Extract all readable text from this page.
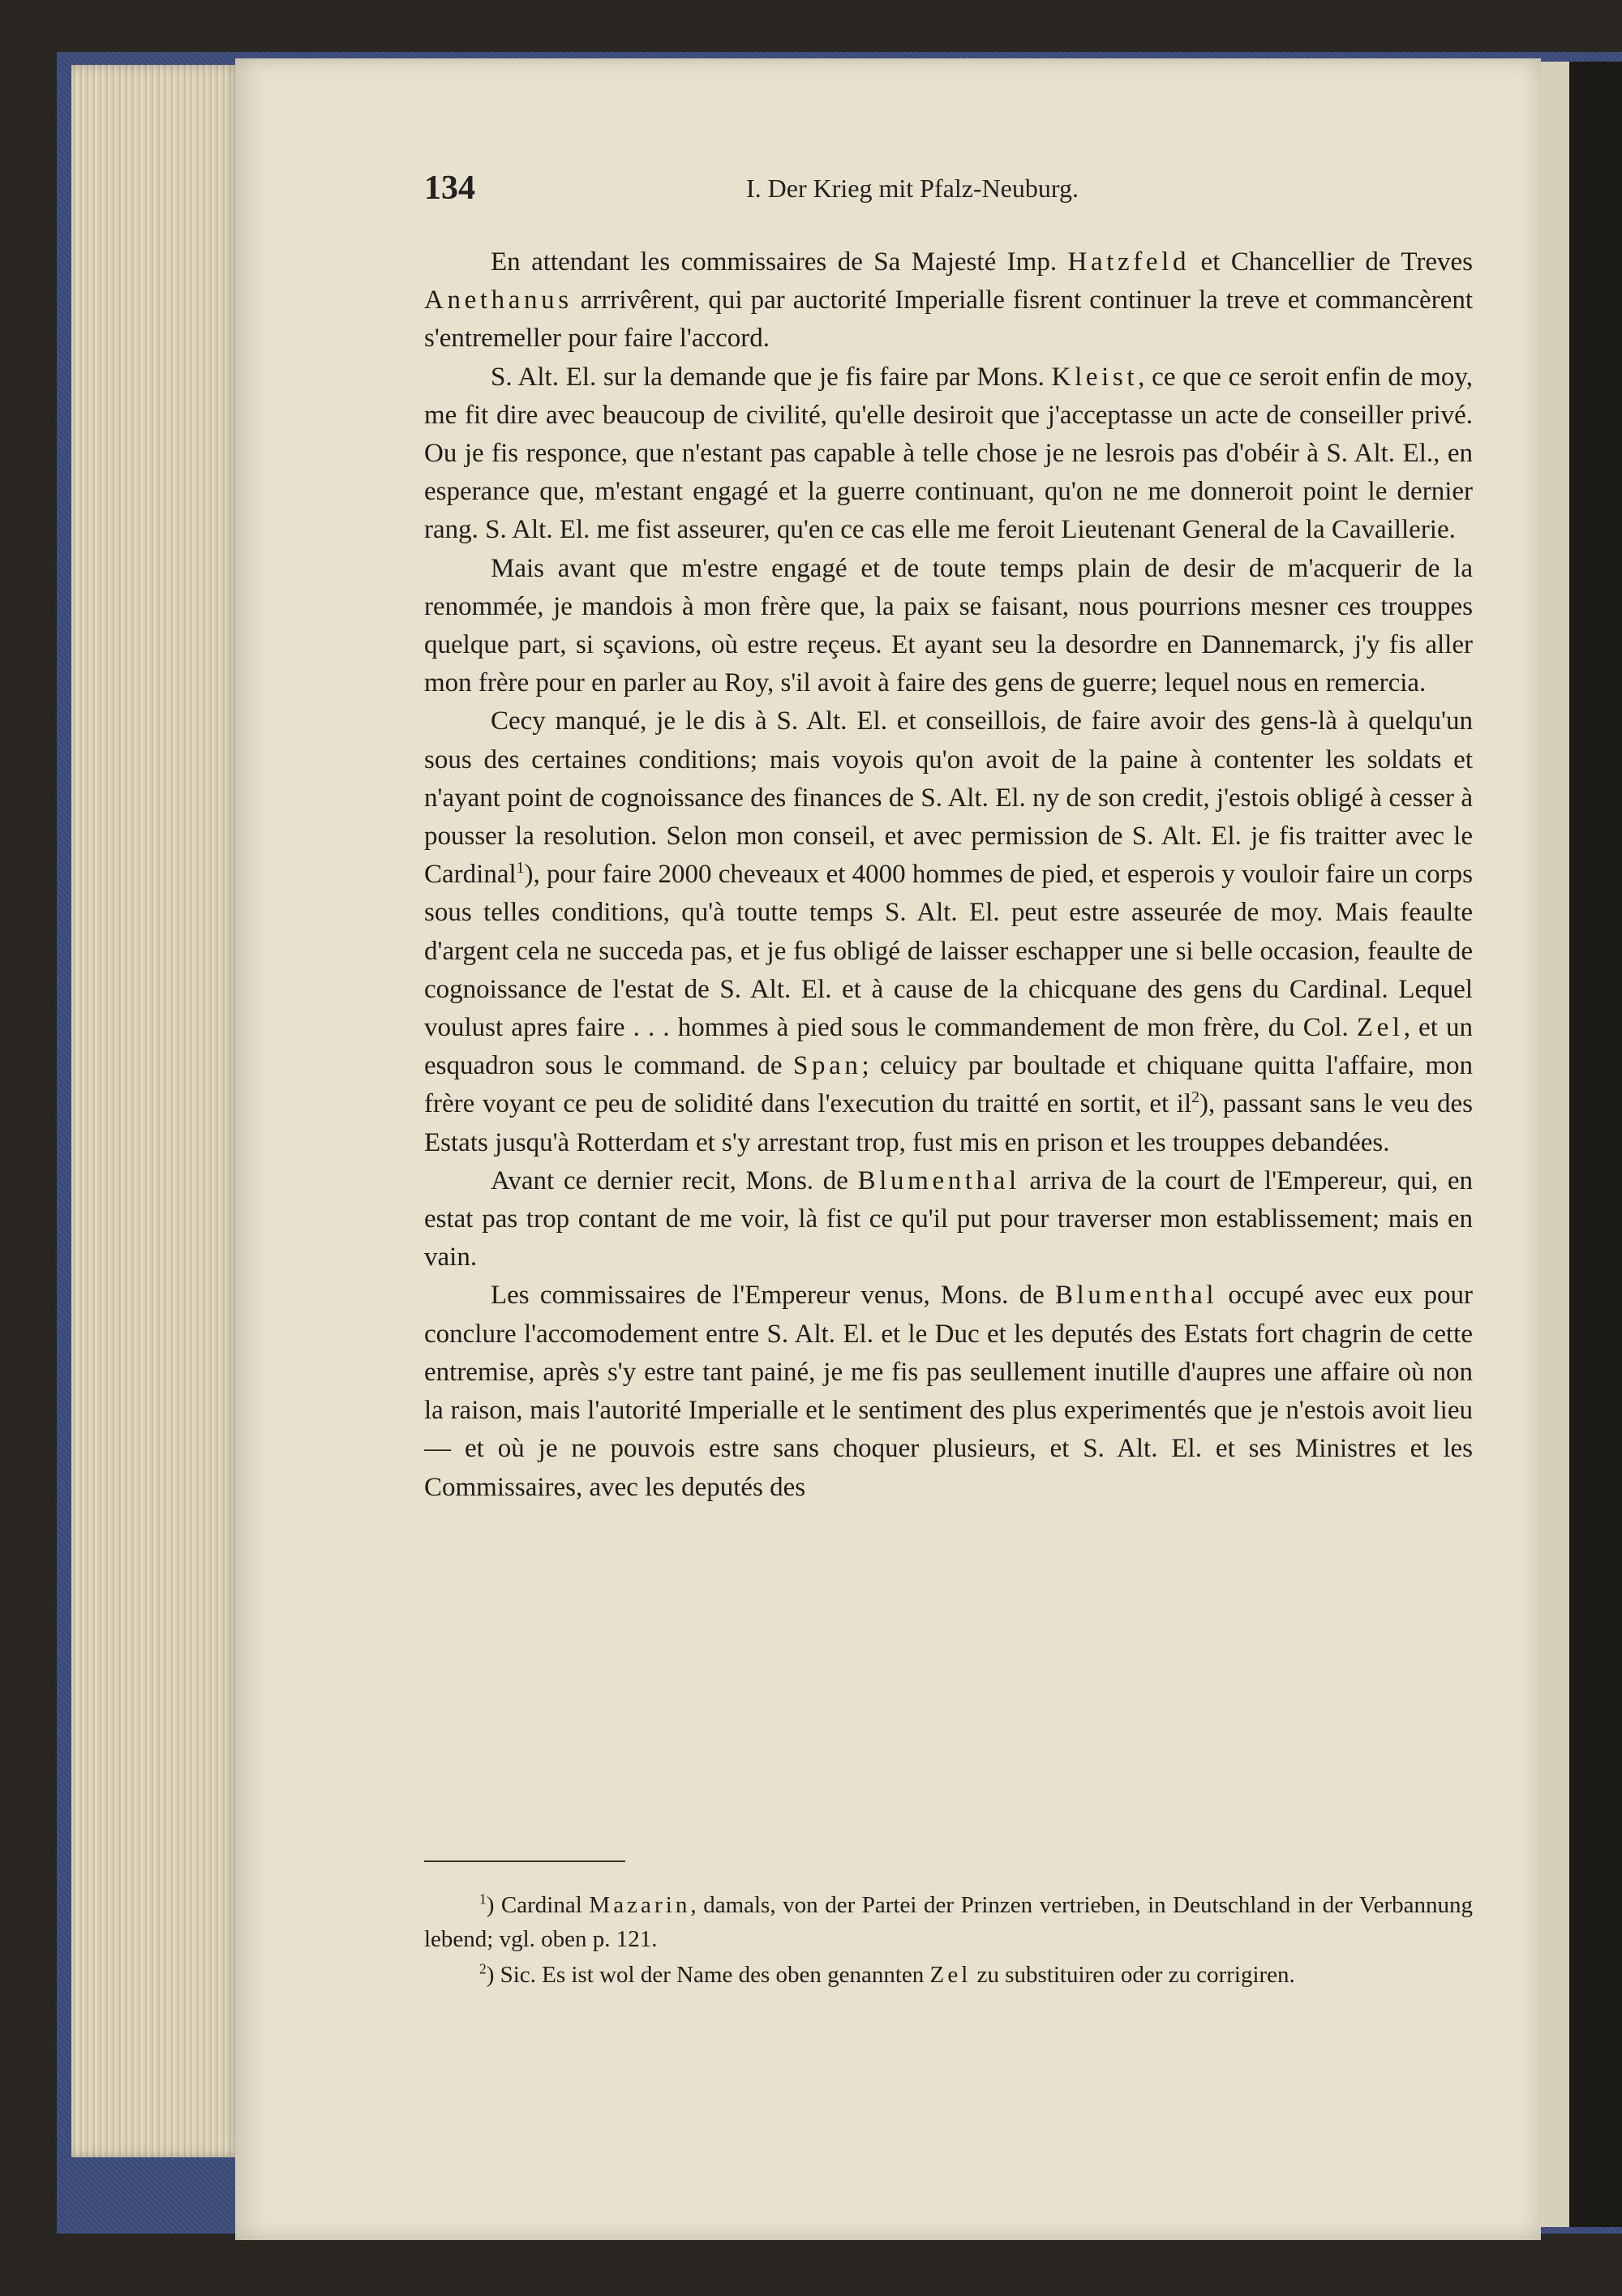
134	I. Der Krieg mit Pfalz-Neuburg.

En attendant les commissaires de Sa Majesté Imp. Hatzfeld et Chancellier de Treves Anethanus arrrivêrent, qui par auctorité Imperialle fisrent continuer la treve et commancèrent s'entremeller pour faire l'accord.

S. Alt. El. sur la demande que je fis faire par Mons. Kleist, ce que ce seroit enfin de moy, me fit dire avec beaucoup de civilité, qu'elle desiroit que j'acceptasse un acte de conseiller privé. Ou je fis responce, que n'estant pas capable à telle chose je ne lesrois pas d'obéir à S. Alt. El., en esperance que, m'estant engagé et la guerre continuant, qu'on ne me donneroit point le dernier rang. S. Alt. El. me fist asseurer, qu'en ce cas elle me feroit Lieutenant General de la Cavaillerie.

Mais avant que m'estre engagé et de toute temps plain de desir de m'acquerir de la renommée, je mandois à mon frère que, la paix se faisant, nous pourrions mesner ces trouppes quelque part, si sçavions, où estre reçeus. Et ayant seu la desordre en Dannemarck, j'y fis aller mon frère pour en parler au Roy, s'il avoit à faire des gens de guerre; lequel nous en remercia.

Cecy manqué, je le dis à S. Alt. El. et conseillois, de faire avoir des gens-là à quelqu'un sous des certaines conditions; mais voyois qu'on avoit de la paine à contenter les soldats et n'ayant point de cognoissance des finances de S. Alt. El. ny de son credit, j'estois obligé à cesser à pousser la resolution. Selon mon conseil, et avec permission de S. Alt. El. je fis traitter avec le Cardinal$^1$), pour faire 2000 cheveaux et 4000 hommes de pied, et esperois y vouloir faire un corps sous telles conditions, qu'à toutte temps S. Alt. El. peut estre asseurée de moy. Mais feaulte d'argent cela ne succeda pas, et je fus obligé de laisser eschapper une si belle occasion, feaulte de cognoissance de l'estat de S. Alt. El. et à cause de la chicquane des gens du Cardinal. Lequel voulust apres faire . . . hommes à pied sous le commandement de mon frère, du Col. Zel, et un esquadron sous le command. de Span; celuicy par boultade et chiquane quitta l'affaire, mon frère voyant ce peu de solidité dans l'execution du traitté en sortit, et $il^2$), passant sans le veu des Estats jusqu'à Rotterdam et s'y arrestant trop, fust mis en prison et les trouppes debandées.

Avant ce dernier recit, Mons. de Blumenthal arriva de la court de l'Empereur, qui, en estat pas trop contant de me voir, là fist ce qu'il put pour traverser mon establissement; mais en vain.

Les commissaires de l'Empereur venus, Mons. de Blumenthal occupé avec eux pour conclure l'accomodement entre S. Alt. El. et le Duc et les deputés des Estats fort chagrin de cette entremise, après s'y estre tant painé, je me fis pas seullement inutille d'aupres une affaire où non la raison, mais l'autorité Imperialle et le sentiment des plus experimentés que je n'estois avoit lieu — et où je ne pouvois estre sans choquer plusieurs, et S. Alt. El. et ses Ministres et les Commissaires, avec les deputés des

$^1$) Cardinal Mazarin, damals, von der Partei der Prinzen vertrieben, in Deutschland in der Verbannung lebend; vgl. oben p. 121.

$^2$) Sic. Es ist wol der Name des oben genannten Zel zu substituiren oder zu corrigiren.
